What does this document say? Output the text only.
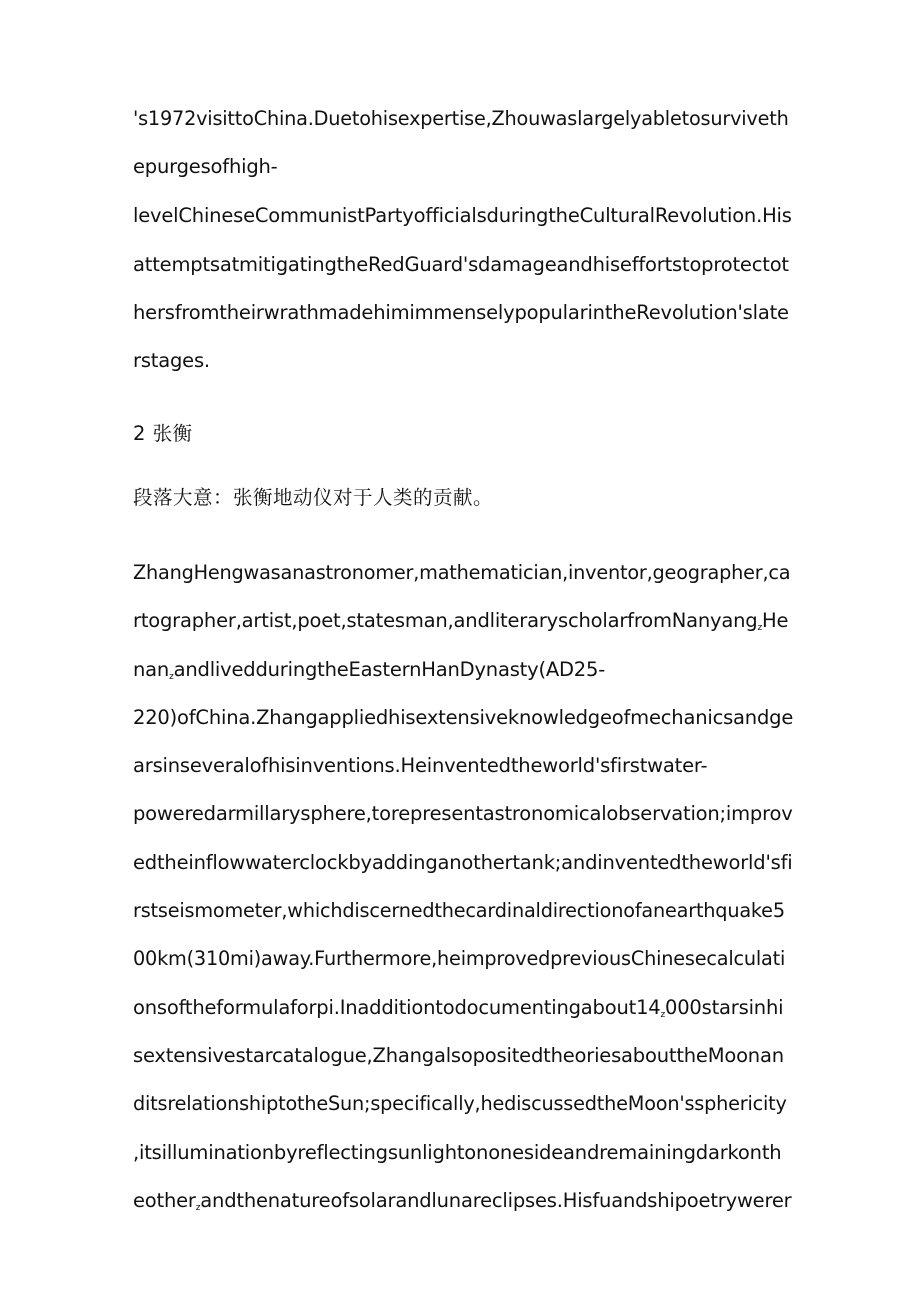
's1972visittoChina.Duetohisexpertise,Zhouwaslargelyabletosurviveth
epurgesofhigh-
levelChineseCommunistPartyofficialsduringtheCulturalRevolution.His
attemptsatmitigatingtheRedGuard'sdamageandhiseffortstoprotectot
hersfromtheirwrathmadehimimmenselypopularintheRevolution'slate
rstages.
2 张衡
段落大意：张衡地动仪对于人类的贡献。
ZhangHengwasanastronomer,mathematician,inventor,geographer,ca
rtographer,artist,poet,statesman,andliteraryscholarfromNanyangzHe
nanzandlivedduringtheEasternHanDynasty(AD25-
220)ofChina.Zhangappliedhisextensiveknowledgeofmechanicsandge
arsinseveralofhisinventions.Heinventedtheworld'sfirstwater-
poweredarmillarysphere,torepresentastronomicalobservation;improv
edtheinflowwaterclockbyaddinganothertank;andinventedtheworld'sfi
rstseismometer,whichdiscernedthecardinaldirectionofanearthquake5
00km(310mi)away.Furthermore,heimprovedpreviousChinesecalculati
onsoftheformulaforpi.Inadditiontodocumentingabout14z000starsinhi
sextensivestarcatalogue,ZhangalsopositedtheoriesabouttheMoonan
ditsrelationshiptotheSun;specifically,hediscussedtheMoon'ssphericity
,itsilluminationbyreflectingsunlightononesideandremainingdarkonth
eotherzandthenatureofsolarandlunareclipses.Hisfuandshipoetrywerer
